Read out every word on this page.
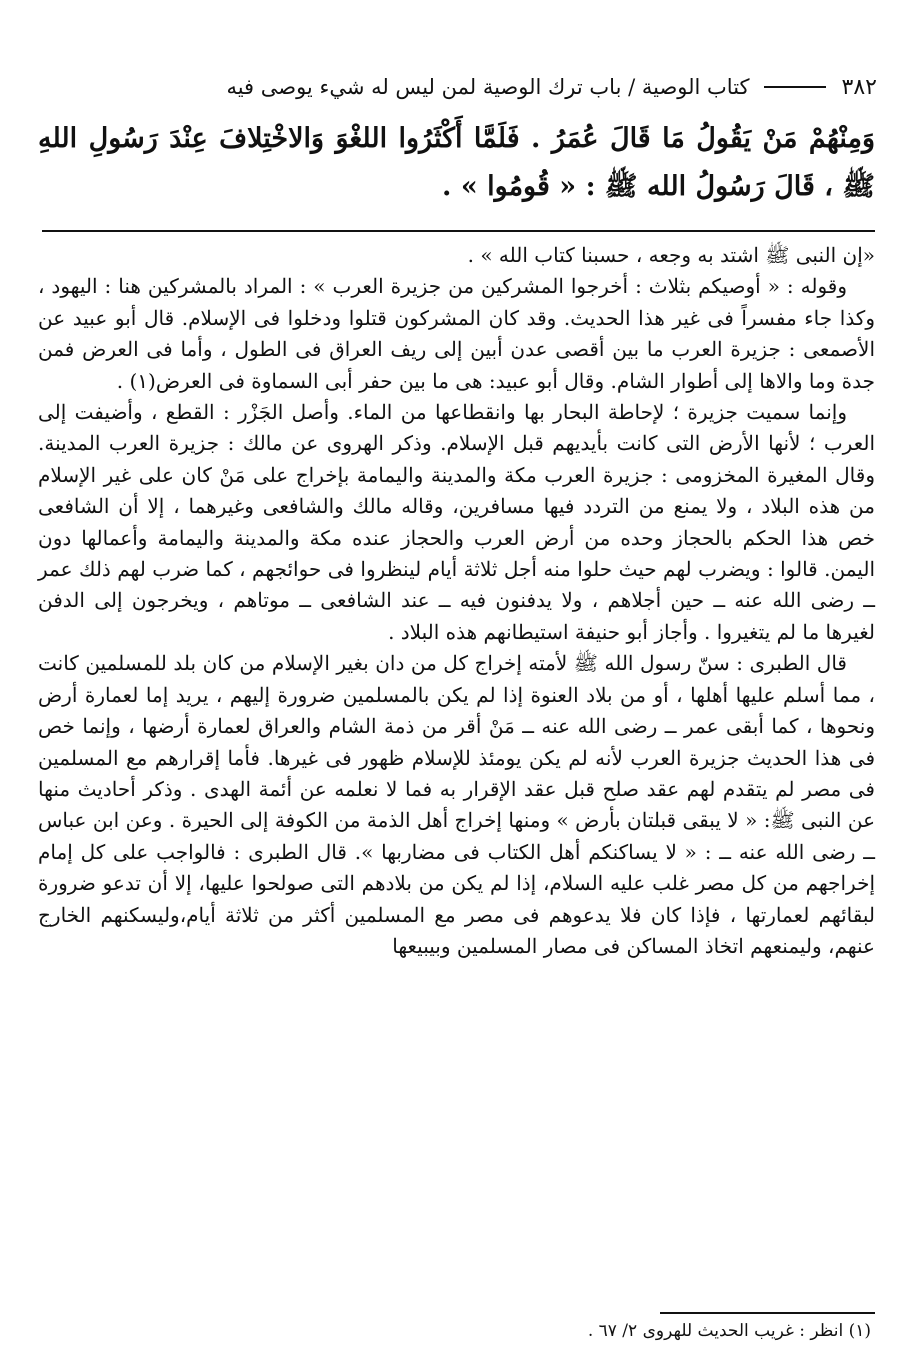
٣٨٢
كتاب الوصية / باب ترك الوصية لمن ليس له شيء يوصى فيه
وَمِنْهُمْ مَنْ يَقُولُ مَا قَالَ عُمَرُ . فَلَمَّا أَكْثَرُوا اللغْوَ وَالاخْتِلافَ عِنْدَ رَسُولِ اللهِ ﷺ ، قَالَ رَسُولُ الله ﷺ : « قُومُوا » .

«إن النبى ﷺ اشتد به وجعه ، حسبنا كتاب الله » .

وقوله : « أوصيكم بثلاث : أخرجوا المشركين من جزيرة العرب » : المراد بالمشركين هنا : اليهود ، وكذا جاء مفسراً فى غير هذا الحديث. وقد كان المشركون قتلوا ودخلوا فى الإسلام. قال أبو عبيد عن الأصمعى : جزيرة العرب ما بين أقصى عدن أبين إلى ريف العراق فى الطول ، وأما فى العرض فمن جدة وما والاها إلى أطوار الشام. وقال أبو عبيد: هى ما بين حفر أبى السماوة فى العرض(١) .

وإنما سميت جزيرة ؛ لإحاطة البحار بها وانقطاعها من الماء. وأصل الجَزْر : القطع ، وأضيفت إلى العرب ؛ لأنها الأرض التى كانت بأيديهم قبل الإسلام. وذكر الهروى عن مالك : جزيرة العرب المدينة. وقال المغيرة المخزومى : جزيرة العرب مكة والمدينة واليمامة بإخراج على مَنْ كان على غير الإسلام من هذه البلاد ، ولا يمنع من التردد فيها مسافرين، وقاله مالك والشافعى وغيرهما ، إلا أن الشافعى خص هذا الحكم بالحجاز وحده من أرض العرب والحجاز عنده مكة والمدينة واليمامة وأعمالها دون اليمن. قالوا : ويضرب لهم حيث حلوا منه أجل ثلاثة أيام لينظروا فى حوائجهم ، كما ضرب لهم ذلك عمر ــ رضى الله عنه ــ حين أجلاهم ، ولا يدفنون فيه ــ عند الشافعى ــ موتاهم ، ويخرجون إلى الدفن لغيرها ما لم يتغيروا . وأجاز أبو حنيفة استيطانهم هذه البلاد .

قال الطبرى : سنّ رسول الله ﷺ لأمته إخراج كل من دان بغير الإسلام من كان بلد للمسلمين كانت ، مما أسلم عليها أهلها ، أو من بلاد العنوة إذا لم يكن بالمسلمين ضرورة إليهم ، يريد إما لعمارة أرض ونحوها ، كما أبقى عمر ــ رضى الله عنه ــ مَنْ أقر من ذمة الشام والعراق لعمارة أرضها ، وإنما خص فى هذا الحديث جزيرة العرب لأنه لم يكن يومئذ للإسلام ظهور فى غيرها. فأما إقرارهم مع المسلمين فى مصر لم يتقدم لهم عقد صلح قبل عقد الإقرار به فما لا نعلمه عن أئمة الهدى . وذكر أحاديث منها عن النبى ﷺ: « لا يبقى قبلتان بأرض » ومنها إخراج أهل الذمة من الكوفة إلى الحيرة . وعن ابن عباس ــ رضى الله عنه ــ : « لا يساكنكم أهل الكتاب فى مضاربها ». قال الطبرى : فالواجب على كل إمام إخراجهم من كل مصر غلب عليه السلام، إذا لم يكن من بلادهم التى صولحوا عليها، إلا أن تدعو ضرورة لبقائهم لعمارتها ، فإذا كان فلا يدعوهم فى مصر مع المسلمين أكثر من ثلاثة أيام،وليسكنهم الخارج عنهم، وليمنعهم اتخاذ المساكن فى مصار المسلمين وبيبيعها

(١) انظر : غريب الحديث للهروى ٢/ ٦٧ .
